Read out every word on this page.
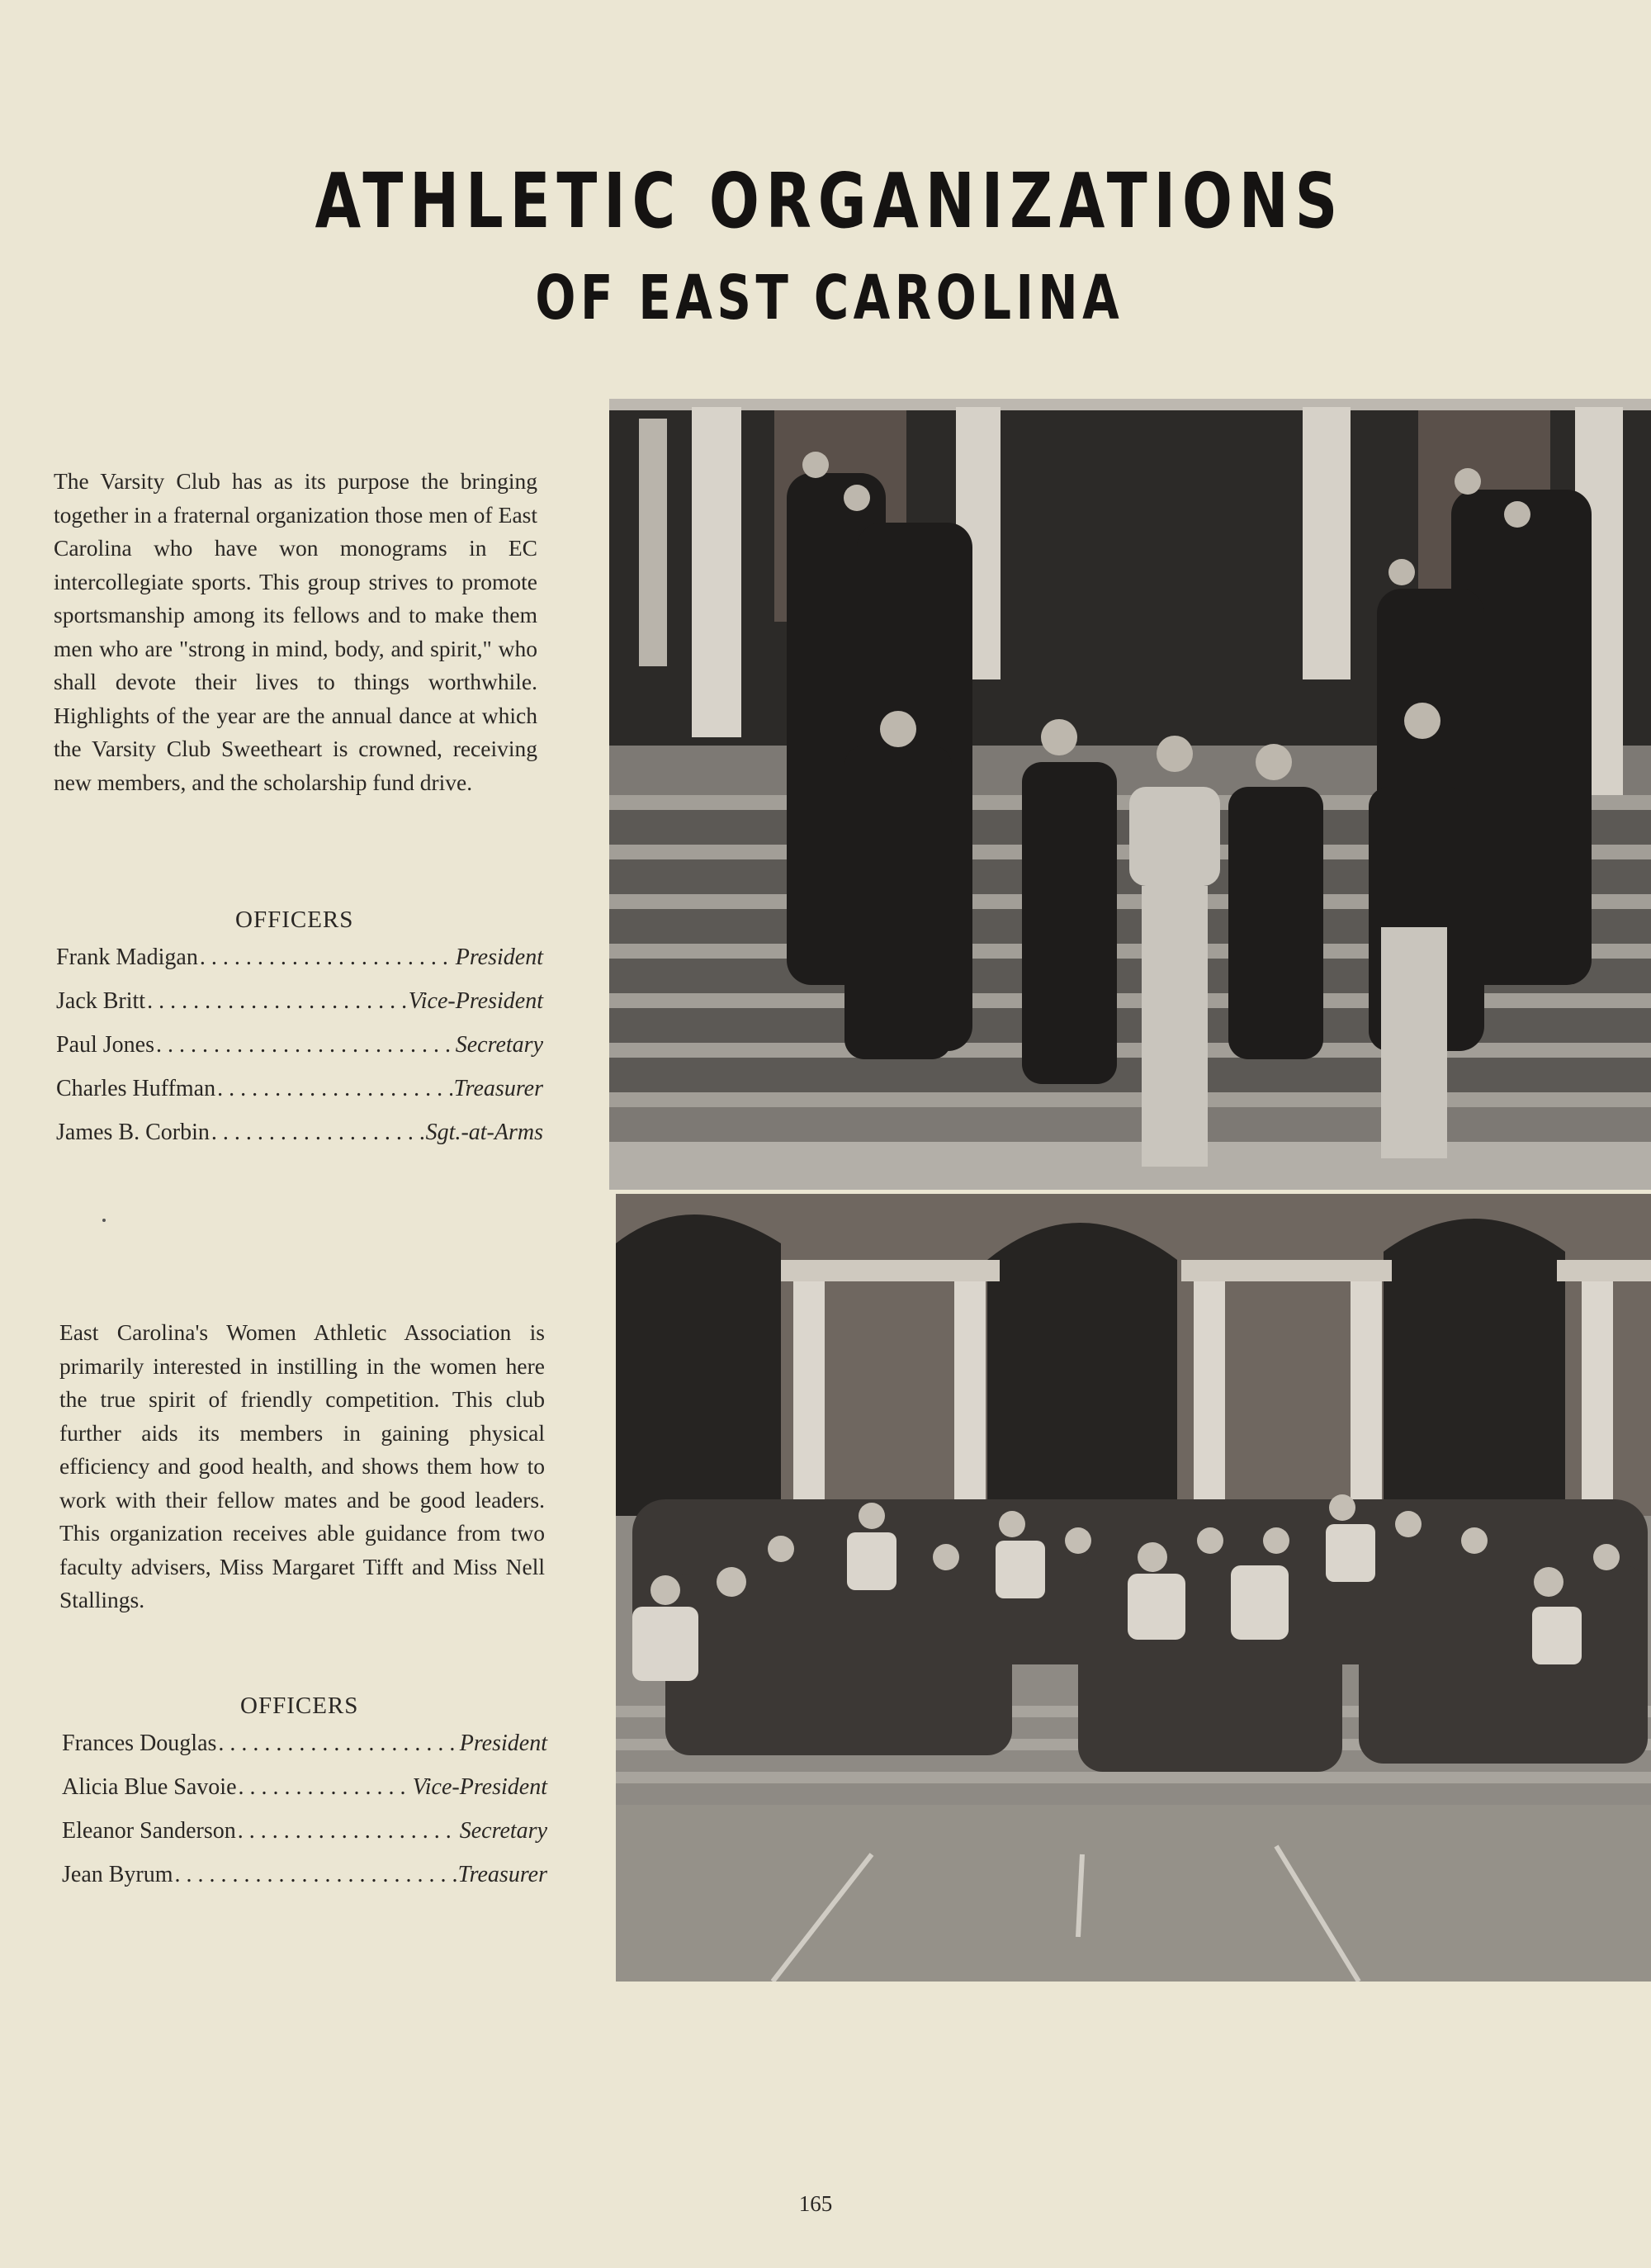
ATHLETIC ORGANIZATIONS
OF EAST CAROLINA
The Varsity Club has as its purpose the bringing together in a fraternal organization those men of East Carolina who have won monograms in EC intercollegiate sports. This group strives to promote sportsmanship among its fellows and to make them men who are "strong in mind, body, and spirit," who shall devote their lives to things worthwhile. Highlights of the year are the annual dance at which the Varsity Club Sweetheart is crowned, receiving new members, and the scholarship fund drive.
OFFICERS
Frank Madigan . . .	President
Jack Britt . . .	Vice-President
Paul Jones . . .	Secretary
Charles Huffman . . .	Treasurer
James B. Corbin . . .	Sgt.-at-Arms
East Carolina's Women Athletic Association is primarily interested in instilling in the women here the true spirit of friendly competition. This club further aids its members in gaining physical efficiency and good health, and shows them how to work with their fellow mates and be good leaders. This organization receives able guidance from two faculty advisers, Miss Margaret Tifft and Miss Nell Stallings.
OFFICERS
Frances Douglas . . .	President
Alicia Blue Savoie . . .	Vice-President
Eleanor Sanderson . . .	Secretary
Jean Byrum . . .	Treasurer
165
